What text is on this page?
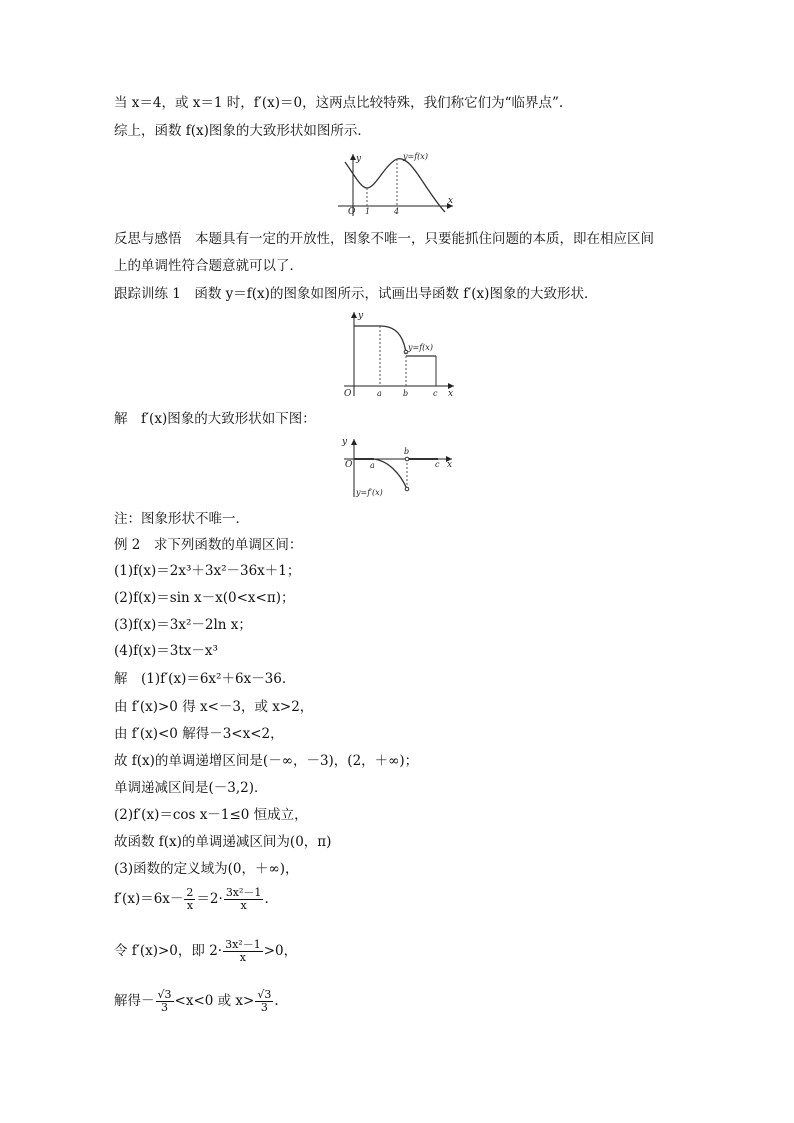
当 x＝4，或 x＝1 时，f′(x)＝0，这两点比较特殊，我们称它们为“临界点”.
综上，函数 f(x)图象的大致形状如图所示．
O 1	4
x
y	y=f(x)
反思与感悟　本题具有一定的开放性，图象不唯一，只要能抓住问题的本质，即在相应区间
上的单调性符合题意就可以了．
跟踪训练 1　函数 y＝f(x)的图象如图所示，试画出导函数 f′(x)图象的大致形状．
O	a	b	c x
y
y=f(x)
解　f′(x)图象的大致形状如下图：
O a
b
c x
y
y=f′(x)
注：图象形状不唯一．
例 2　求下列函数的单调区间：
(1)f(x)＝2x³＋3x²－36x＋1；
(2)f(x)＝sin x－x(0<x<π)；
(3)f(x)＝3x²－2ln x；
(4)f(x)＝3tx－x³
解　(1)f′(x)＝6x²＋6x－36.
由 f′(x)>0 得 x<－3，或 x>2，
由 f′(x)<0 解得－3<x<2，
故 f(x)的单调递增区间是(－∞，－3)，(2，＋∞)；
单调递减区间是(－3,2)．
(2)f′(x)＝cos x－1≤0 恒成立，
故函数 f(x)的单调递减区间为(0，π)
(3)函数的定义域为(0，＋∞)，
$f'(x)=6x- \frac{2}{x} =2\cdot \frac{\text{3x²－1}}{x}$ .
令 f′(x)>0，即 $2\cdot \frac{\text{3x²－1}}{x} >0$，
解得－ $\frac{√3}{3} <x<0$ 或 $x> \frac{√3}{3}$ .
